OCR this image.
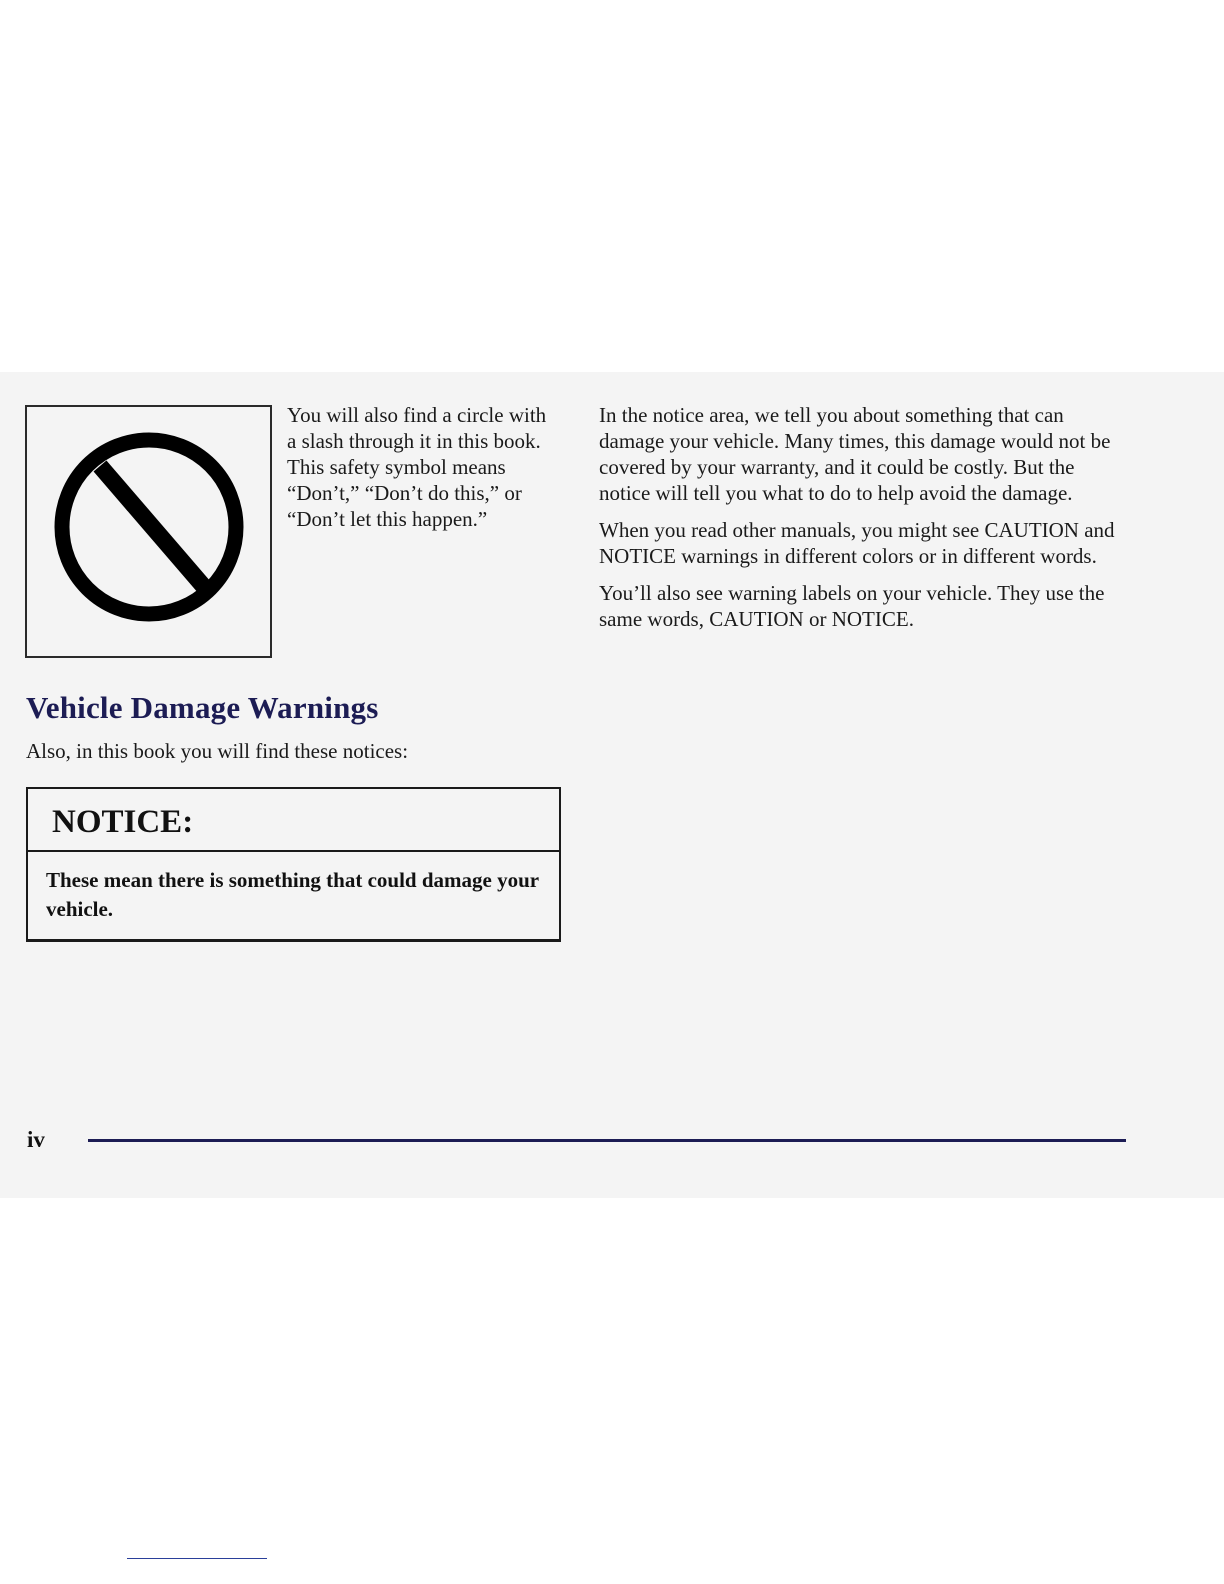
You will also find a circle with a slash through it in this book. This safety symbol means “Don’t,” “Don’t do this,” or “Don’t let this happen.”

Vehicle Damage Warnings

Also, in this book you will find these notices:

NOTICE:

These mean there is something that could damage your vehicle.

In the notice area, we tell you about something that can damage your vehicle. Many times, this damage would not be covered by your warranty, and it could be costly. But the notice will tell you what to do to help avoid the damage.

When you read other manuals, you might see CAUTION and NOTICE warnings in different colors or in different words.

You’ll also see warning labels on your vehicle. They use the same words, CAUTION or NOTICE.

iv
